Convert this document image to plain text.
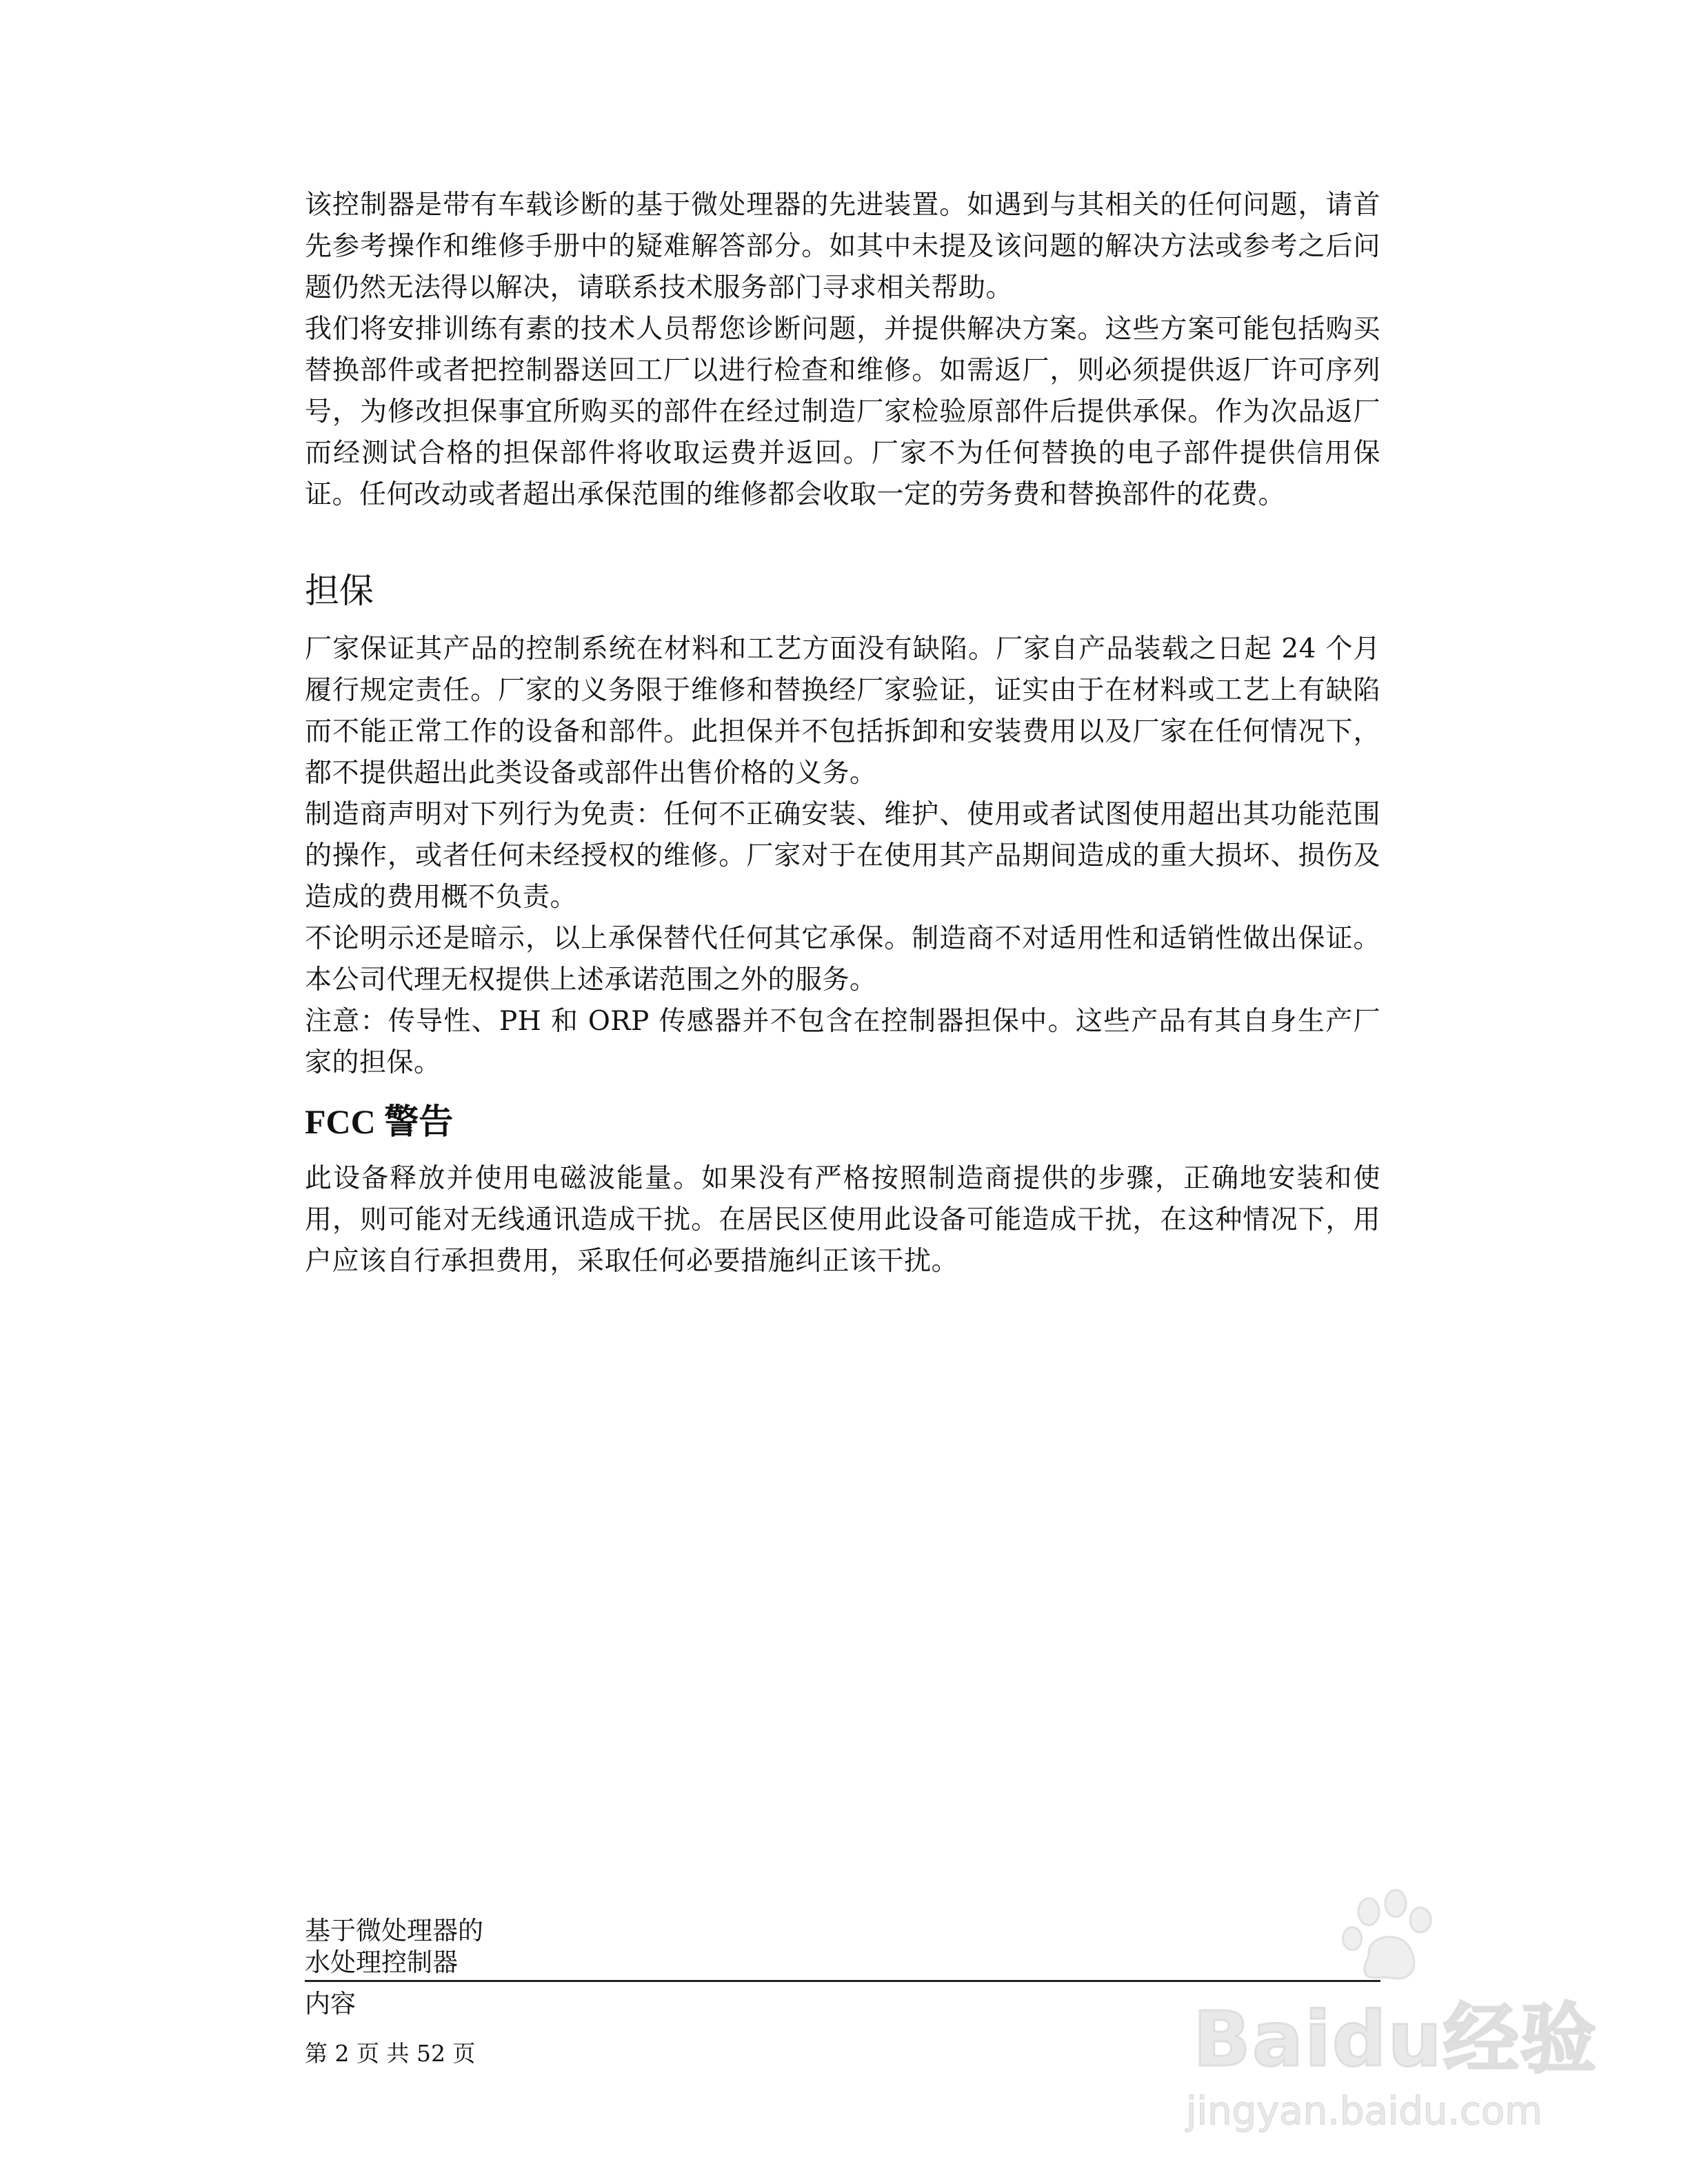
该控制器是带有车载诊断的基于微处理器的先进装置。如遇到与其相关的任何问题，请首先参考操作和维修手册中的疑难解答部分。如其中未提及该问题的解决方法或参考之后问题仍然无法得以解决，请联系技术服务部门寻求相关帮助。

我们将安排训练有素的技术人员帮您诊断问题，并提供解决方案。这些方案可能包括购买替换部件或者把控制器送回工厂以进行检查和维修。如需返厂，则必须提供返厂许可序列号，为修改担保事宜所购买的部件在经过制造厂家检验原部件后提供承保。作为次品返厂而经测试合格的担保部件将收取运费并返回。厂家不为任何替换的电子部件提供信用保证。任何改动或者超出承保范围的维修都会收取一定的劳务费和替换部件的花费。

担保

厂家保证其产品的控制系统在材料和工艺方面没有缺陷。厂家自产品装载之日起 24 个月履行规定责任。厂家的义务限于维修和替换经厂家验证，证实由于在材料或工艺上有缺陷而不能正常工作的设备和部件。此担保并不包括拆卸和安装费用以及厂家在任何情况下，都不提供超出此类设备或部件出售价格的义务。

制造商声明对下列行为免责：任何不正确安装、维护、使用或者试图使用超出其功能范围的操作，或者任何未经授权的维修。厂家对于在使用其产品期间造成的重大损坏、损伤及造成的费用概不负责。

不论明示还是暗示，以上承保替代任何其它承保。制造商不对适用性和适销性做出保证。本公司代理无权提供上述承诺范围之外的服务。

注意：传导性、PH 和 ORP 传感器并不包含在控制器担保中。这些产品有其自身生产厂家的担保。

FCC 警告

此设备释放并使用电磁波能量。如果没有严格按照制造商提供的步骤，正确地安装和使用，则可能对无线通讯造成干扰。在居民区使用此设备可能造成干扰，在这种情况下，用户应该自行承担费用，采取任何必要措施纠正该干扰。

基于微处理器的

水处理控制器

内容

第 2 页 共 52 页	Baidu经验
jingyan.baidu.com
